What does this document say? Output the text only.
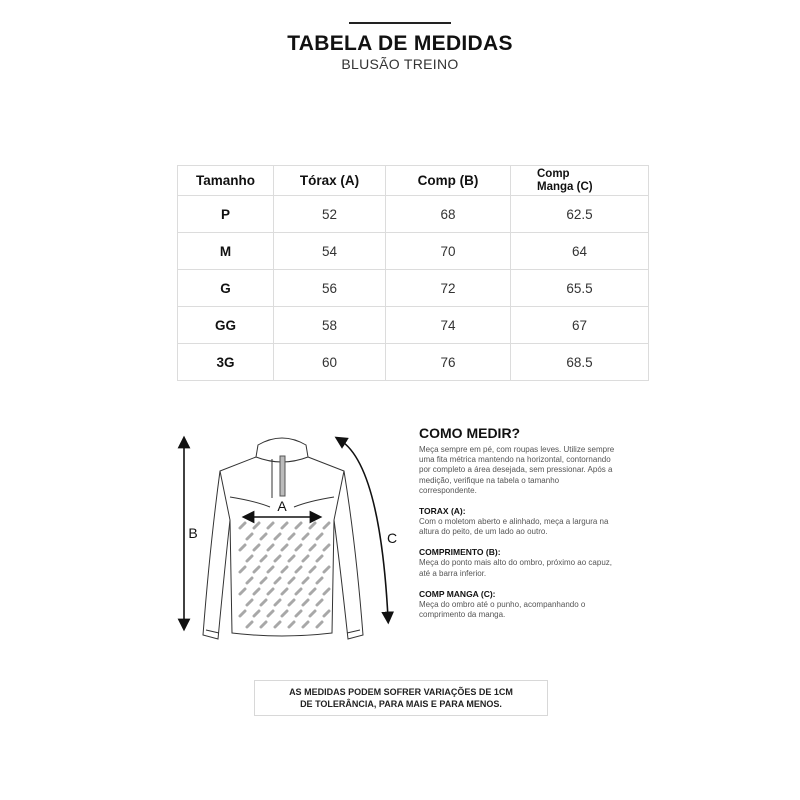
TABELA DE MEDIDAS
BLUSÃO TREINO
Tamanho	Tórax (A)	Comp (B)	Comp
Manga (C)
P	52	68	62.5
M	54	70	64
G	56	72	65.5
GG	58	74	67
3G	60	76	68.5
A
B	C
COMO MEDIR?

Meça sempre em pé, com roupas leves. Utilize sempre uma fita métrica mantendo na horizontal, contornando por completo a área desejada, sem pressionar. Após a medição, verifique na tabela o tamanho correspondente.

TORAX (A):

Com o moletom aberto e alinhado, meça a largura na altura do peito, de um lado ao outro.

COMPRIMENTO (B):

Meça do ponto mais alto do ombro, próximo ao capuz, até a barra inferior.

COMP MANGA (C):

Meça do ombro até o punho, acompanhando o comprimento da manga.

AS MEDIDAS PODEM SOFRER VARIAÇÕES DE 1CM
DE TOLERÂNCIA, PARA MAIS E PARA MENOS.
